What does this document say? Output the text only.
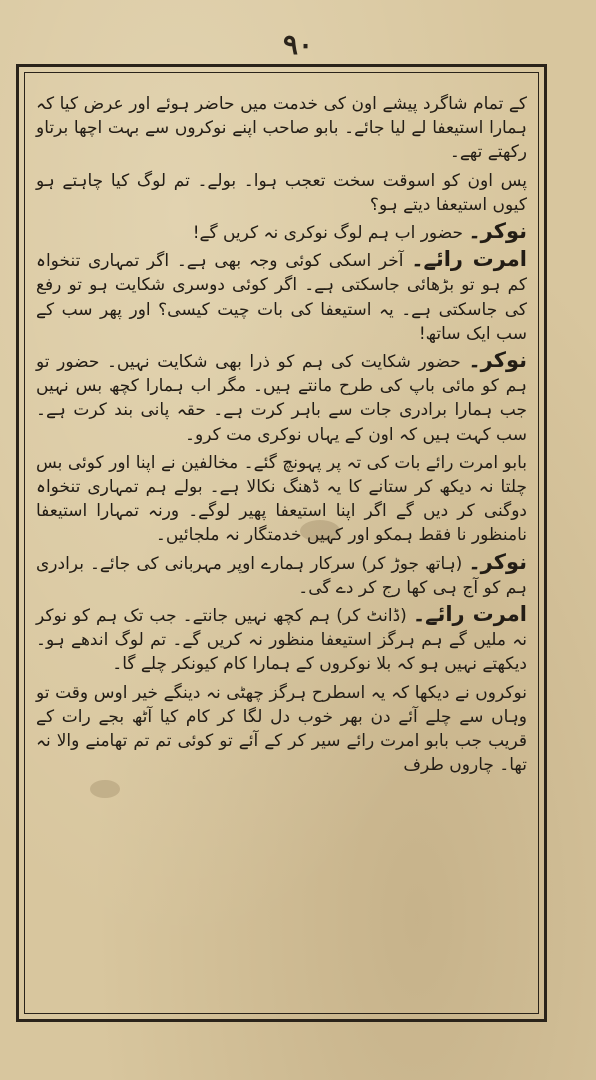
۹۰

کے تمام شاگرد پیشے اون کی خدمت میں حاضر ہوئے اور عرض کیا کہ ہمارا استیعفا لے لیا جائے۔ بابو صاحب اپنے نوکروں سے بہت اچھا برتاو رکھتے تھے۔

پس اون کو اسوقت سخت تعجب ہوا۔ بولے۔ تم لوگ کیا چاہتے ہو کیوں استیعفا دیتے ہو؟

نوکر۔ حضور اب ہم لوگ نوکری نہ کریں گے!

امرت رائے۔ آخر اسکی کوئی وجہ بھی ہے۔ اگر تمہاری تنخواہ کم ہو تو بڑھائی جاسکتی ہے۔ اگر کوئی دوسری شکایت ہو تو رفع کی جاسکتی ہے۔ یہ استیعفا کی بات چیت کیسی؟ اور پھر سب کے سب ایک ساتھ!

نوکر۔ حضور شکایت کی ہم کو ذرا بھی شکایت نہیں۔ حضور تو ہم کو مائی باپ کی طرح مانتے ہیں۔ مگر اب ہمارا کچھ بس نہیں جب ہمارا برادری جات سے باہر کرت ہے۔ حقہ پانی بند کرت ہے۔ سب کہت ہیں کہ اون کے یہاں نوکری مت کرو۔

بابو امرت رائے بات کی تہ پر پہونچ گئے۔ مخالفین نے اپنا اور کوئی بس چلتا نہ دیکھ کر ستانے کا یہ ڈھنگ نکالا ہے۔ بولے ہم تمہاری تنخواہ دوگنی کر دیں گے اگر اپنا استیعفا پھیر لوگے۔ ورنہ تمہارا استیعفا نامنظور نا فقط ہمکو اور کہیں خدمتگار نہ ملجائیں۔

نوکر۔ (ہاتھ جوڑ کر) سرکار ہمارے اوپر مہربانی کی جائے۔ برادری ہم کو آج ہی کھا رج کر دے گی۔

امرت رائے۔ (ڈانٹ کر) ہم کچھ نہیں جانتے۔ جب تک ہم کو نوکر نہ ملیں گے ہم ہرگز استیعفا منظور نہ کریں گے۔ تم لوگ اندھے ہو۔ دیکھتے نہیں ہو کہ بلا نوکروں کے ہمارا کام کیونکر چلے گا۔

نوکروں نے دیکھا کہ یہ اسطرح ہرگز چھٹی نہ دینگے خیر اوس وقت تو وہاں سے چلے آئے دن بھر خوب دل لگا کر کام کیا آٹھ بجے رات کے قریب جب بابو امرت رائے سیر کر کے آئے تو کوئی تم تم تھامنے والا نہ تھا۔ چاروں طرف
